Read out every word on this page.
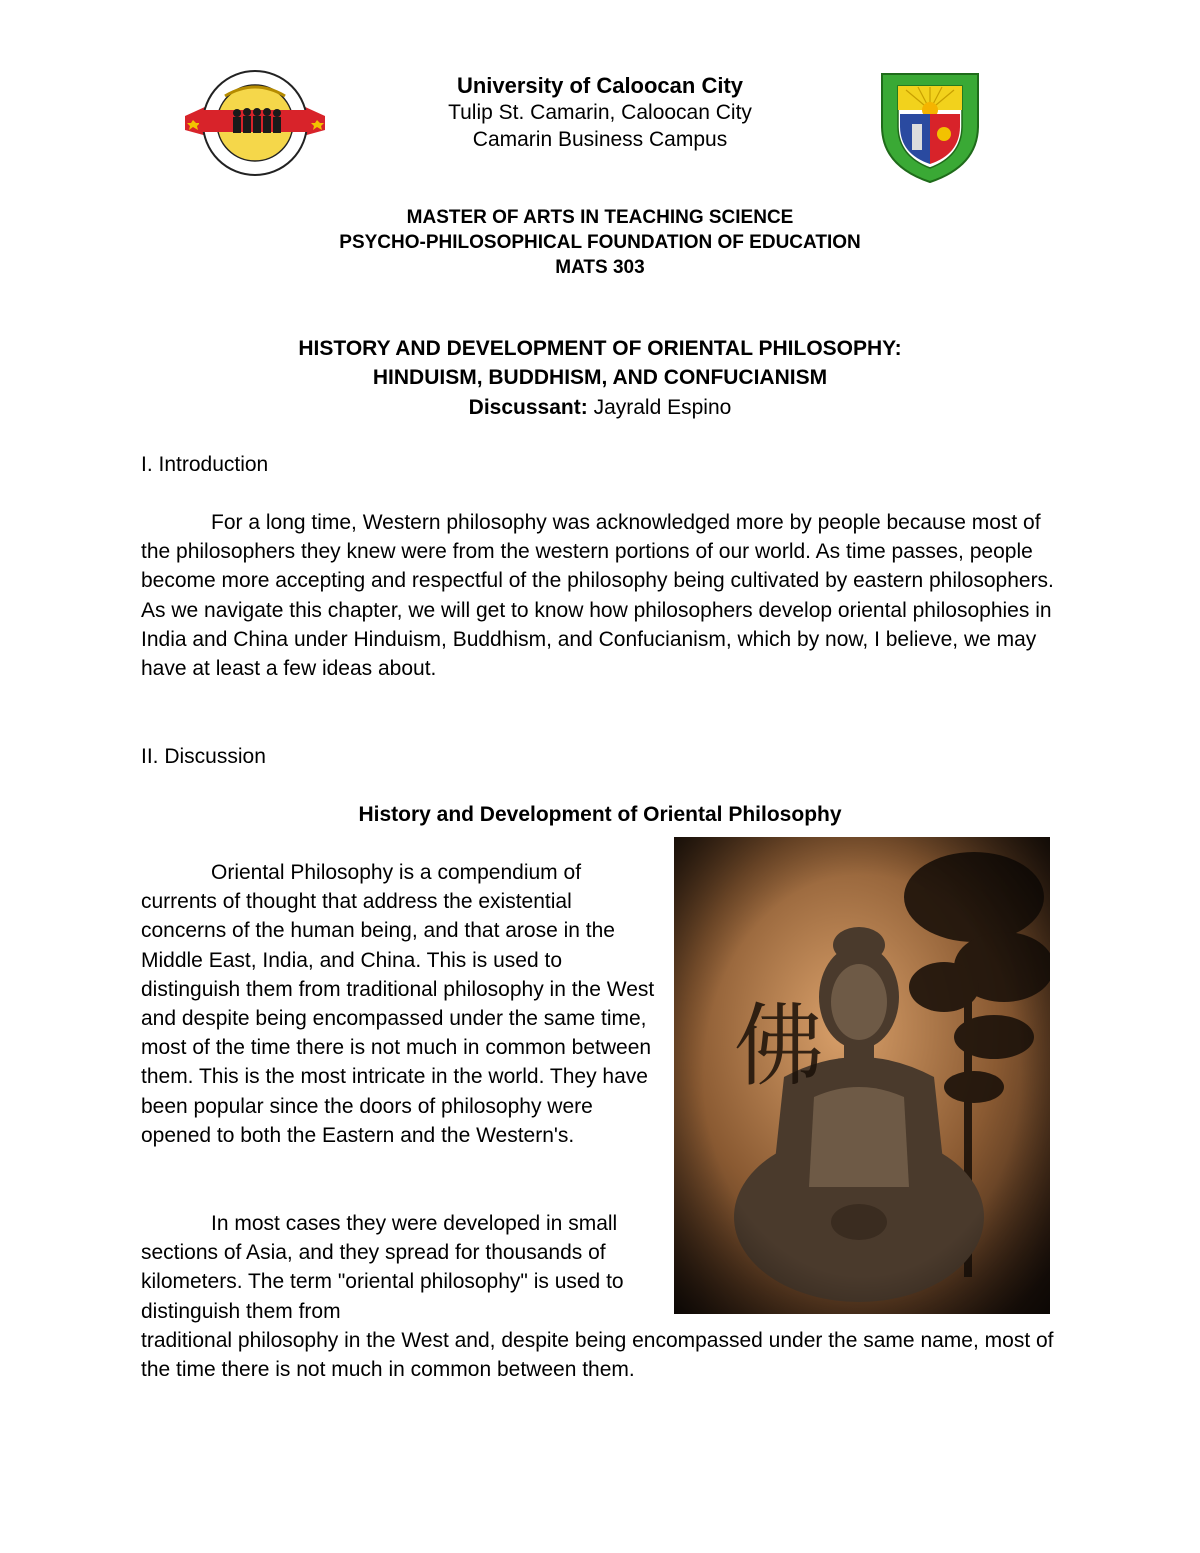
University of Caloocan City
Tulip St. Camarin, Caloocan City
Camarin Business Campus
MASTER OF ARTS IN TEACHING SCIENCE
PSYCHO-PHILOSOPHICAL FOUNDATION OF EDUCATION
MATS 303
HISTORY AND DEVELOPMENT OF ORIENTAL PHILOSOPHY:
HINDUISM, BUDDHISM, AND CONFUCIANISM
Discussant: Jayrald Espino
I. Introduction
For a long time, Western philosophy was acknowledged more by people because most of the philosophers they knew were from the western portions of our world. As time passes, people become more accepting and respectful of the philosophy being cultivated by eastern philosophers. As we navigate this chapter, we will get to know how philosophers develop oriental philosophies in India and China under Hinduism, Buddhism, and Confucianism, which by now, I believe, we may have at least a few ideas about.
II. Discussion
History and Development of Oriental Philosophy
Oriental Philosophy is a compendium of currents of thought that address the existential concerns of the human being, and that arose in the Middle East, India, and China. This is used to distinguish them from traditional philosophy in the West and despite being encompassed under the same time, most of the time there is not much in common between them. This is the most intricate in the world. They have been popular since the doors of philosophy were opened to both the Eastern and the Western's.
In most cases they were developed in small sections of Asia, and they spread for thousands of kilometers. The term "oriental philosophy" is used to distinguish them from
traditional philosophy in the West and, despite being encompassed under the same name, most of the time there is not much in common between them.
佛
